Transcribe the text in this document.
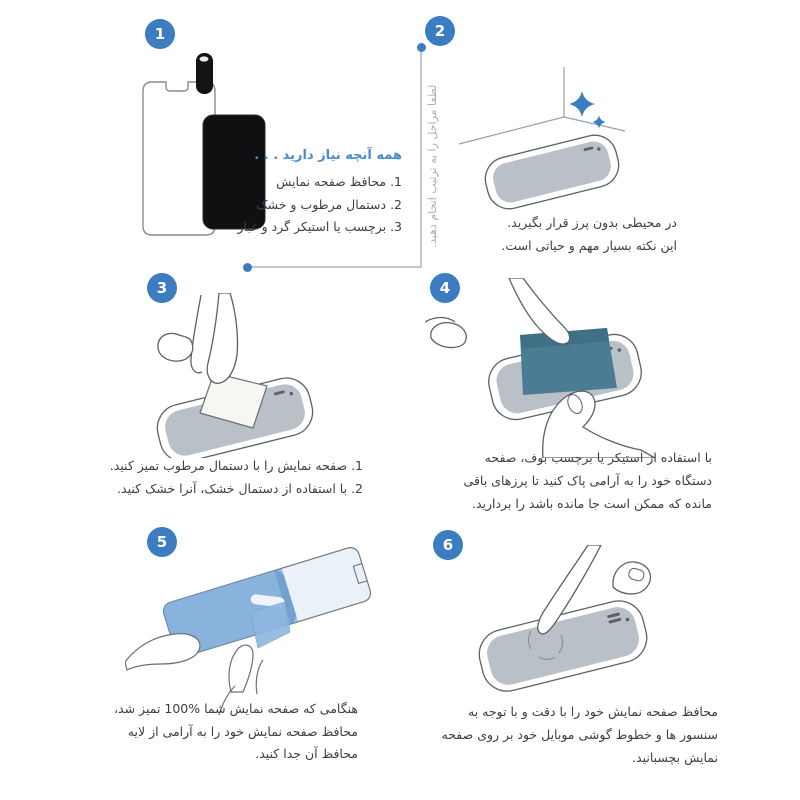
لطفا مراحل را به ترتیب انجام دهید.
1
همه آنچه نیاز دارید . . .
1. محافظ صفحه نمایش
2. دستمال مرطوب و خشک
3. برچسب یا استیکر گرد و غبار
2
در محیطی بدون پرز قرار بگیرید.
این نکته بسیار مهم و حیاتی است.
3
1. صفحه نمایش را با دستمال مرطوب تمیز کنید.
2. با استفاده از دستمال خشک، آنرا خشک کنید.
4
با استفاده از استیکر یا برچسب بوف، صفحه
دستگاه خود را به آرامی پاک کنید تا پرزهای باقی
مانده که ممکن است جا مانده باشد را بردارید.
5
هنگامی که صفحه نمایش شما %100 تمیز شد،
محافظ صفحه نمایش خود را به آرامی از لایه
محافظ آن جدا کنید.
6
محافظ صفحه نمایش خود را با دقت و با توجه به
سنسور ها و خطوط گوشی موبایل خود بر روی صفحه
نمایش بچسبانید.
